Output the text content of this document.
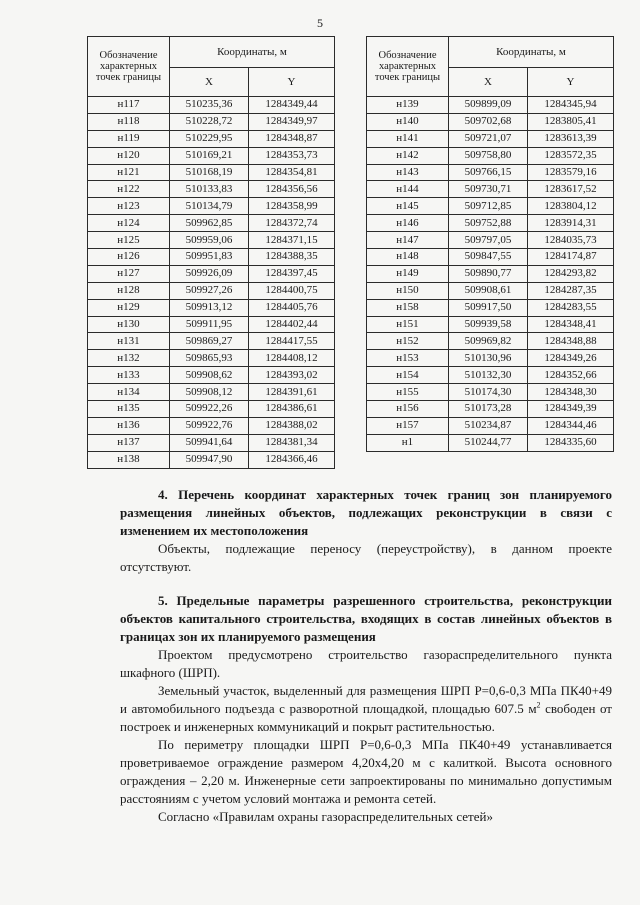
5
Обозначение характерных точек границы	Координаты, м	
	X	Y
н117	510235,36	1284349,44
н118	510228,72	1284349,97
н119	510229,95	1284348,87
н120	510169,21	1284353,73
н121	510168,19	1284354,81
н122	510133,83	1284356,56
н123	510134,79	1284358,99
н124	509962,85	1284372,74
н125	509959,06	1284371,15
н126	509951,83	1284388,35
н127	509926,09	1284397,45
н128	509927,26	1284400,75
н129	509913,12	1284405,76
н130	509911,95	1284402,44
н131	509869,27	1284417,55
н132	509865,93	1284408,12
н133	509908,62	1284393,02
н134	509908,12	1284391,61
н135	509922,26	1284386,61
н136	509922,76	1284388,02
н137	509941,64	1284381,34
н138	509947,90	1284366,46
Обозначение характерных точек границы	Координаты, м	
	X	Y
н139	509899,09	1284345,94
н140	509702,68	1283805,41
н141	509721,07	1283613,39
н142	509758,80	1283572,35
н143	509766,15	1283579,16
н144	509730,71	1283617,52
н145	509712,85	1283804,12
н146	509752,88	1283914,31
н147	509797,05	1284035,73
н148	509847,55	1284174,87
н149	509890,77	1284293,82
н150	509908,61	1284287,35
н158	509917,50	1284283,55
н151	509939,58	1284348,41
н152	509969,82	1284348,88
н153	510130,96	1284349,26
н154	510132,30	1284352,66
н155	510174,30	1284348,30
н156	510173,28	1284349,39
н157	510234,87	1284344,46
н1	510244,77	1284335,60

4. Перечень координат характерных точек границ зон планируемого размещения линейных объектов, подлежащих реконструкции в связи с изменением их местоположения

Объекты, подлежащие переносу (переустройству), в данном проекте отсутствуют.

5. Предельные параметры разрешенного строительства, реконструкции объектов капитального строительства, входящих в состав линейных объектов в границах зон их планируемого размещения

Проектом предусмотрено строительство газораспределительного пункта шкафного (ШРП).

Земельный участок, выделенный для размещения ШРП Р=0,6-0,3 МПа ПК40+49 и автомобильного подъезда с разворотной площадкой, площадью 607.5 $м^2$ свободен от построек и инженерных коммуникаций и покрыт растительностью.

По периметру площадки ШРП Р=0,6-0,3 МПа ПК40+49 устанавливается проветриваемое ограждение размером 4,20х4,20 м с калиткой. Высота основного ограждения – 2,20 м. Инженерные сети запроектированы по минимально допустимым расстояниям с учетом условий монтажа и ремонта сетей.

Согласно «Правилам охраны газораспределительных сетей»
